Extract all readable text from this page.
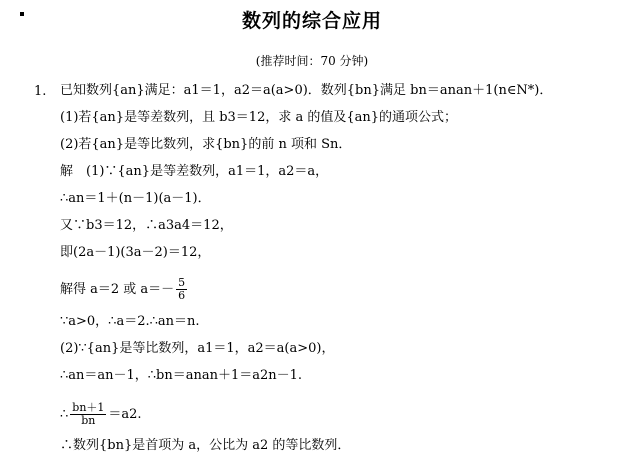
数列的综合应用
(推荐时间：70 分钟)
1. 已知数列{an}满足：a1＝1，a2＝a(a>0)．数列{bn}满足 bn＝anan＋1(n∈N*)．
(1)若{an}是等差数列，且 b3＝12，求 a 的值及{an}的通项公式；
(2)若{an}是等比数列，求{bn}的前 n 项和 Sn．
解　(1)∵{an}是等差数列，a1＝1，a2＝a，
∴an＝1＋(n－1)(a－1)．
又∵b3＝12，∴a3a4＝12，
即(2a－1)(3a－2)＝12，
解得 a＝2 或 $a=- \frac{5}{6}$
∵a>0，∴a＝2.∴an＝n.
(2)∵{an}是等比数列，a1＝1，a2＝a(a>0)，
∴an＝an－1，∴bn＝anan＋1＝a2n－1.
∴ $\frac{bn+1}{bn} =a2$.
∴数列{bn}是首项为 a，公比为 a2 的等比数列．
